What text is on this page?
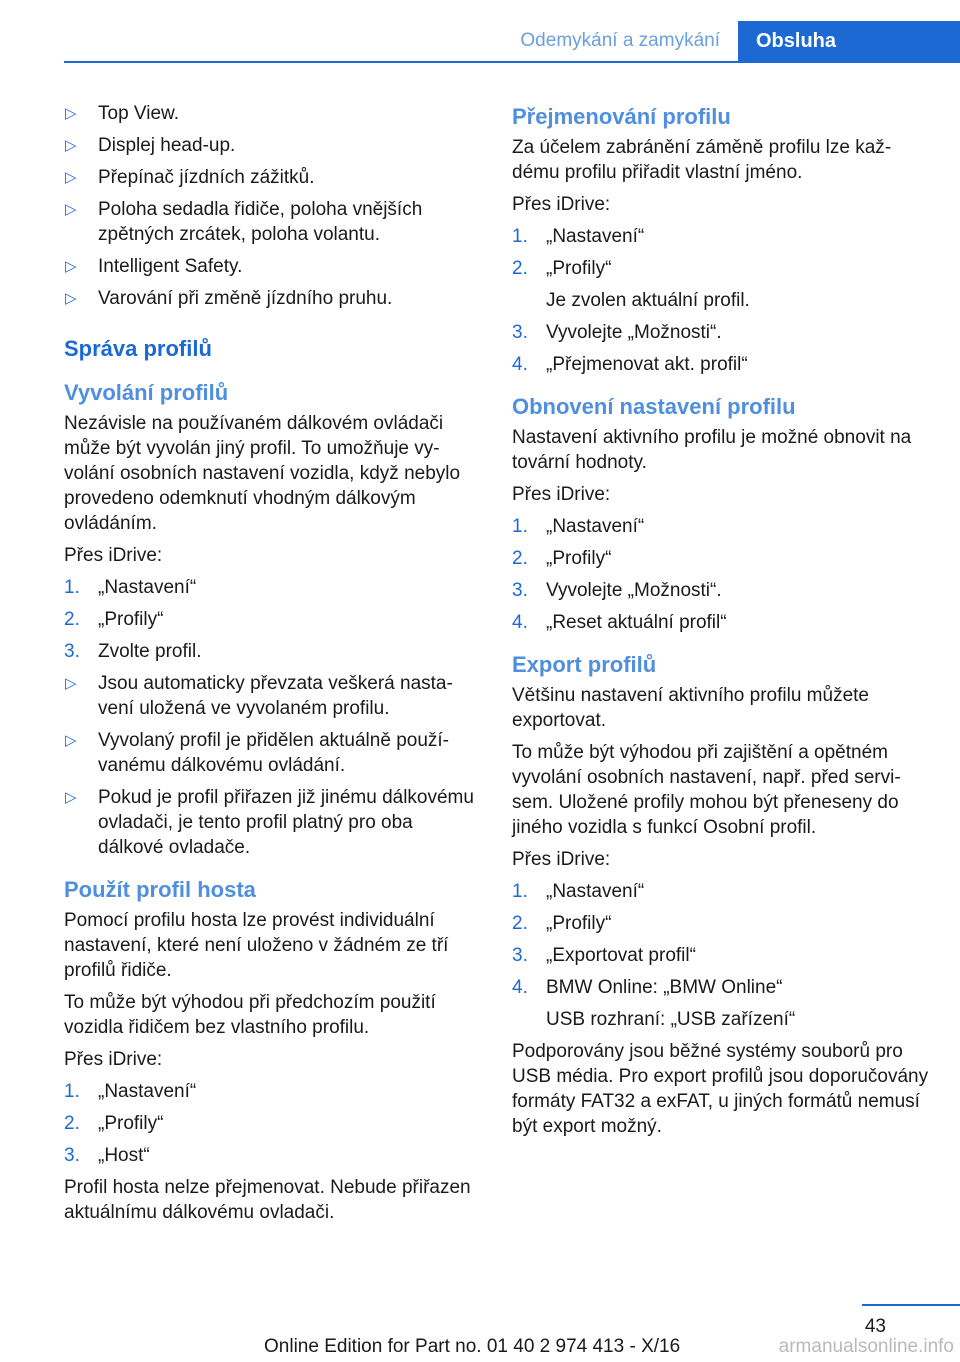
Odemykání a zamykání	Obsluha
▷ Top View.
▷ Displej head-up.
▷ Přepínač jízdních zážitků.
▷ Poloha sedadla řidiče, poloha vnějších zpětných zrcátek, poloha volantu.
▷ Intelligent Safety.
▷ Varování při změně jízdního pruhu.
Správa profilů
Vyvolání profilů

Nezávisle na používaném dálkovém ovládači může být vyvolán jiný profil. To umožňuje vyvolání osobních nastavení vozidla, když nebylo provedeno odemknutí vhodným dálkovým ovládáním.

Přes iDrive:

1. „Nastavení“
2. „Profily“
3. Zvolte profil.
▷ Jsou automaticky převzata veškerá nastavení uložená ve vyvolaném profilu.
▷ Vyvolaný profil je přidělen aktuálně používanému dálkovému ovládání.
▷ Pokud je profil přiřazen již jinému dálkovému ovladači, je tento profil platný pro oba dálkové ovladače.
Použít profil hosta

Pomocí profilu hosta lze provést individuální nastavení, které není uloženo v žádném ze tří profilů řidiče.

To může být výhodou při předchozím použití vozidla řidičem bez vlastního profilu.

Přes iDrive:

1. „Nastavení“
2. „Profily“
3. „Host“

Profil hosta nelze přejmenovat. Nebude přiřazen aktuálnímu dálkovému ovladači.

Přejmenování profilu

Za účelem zabránění záměně profilu lze každému profilu přiřadit vlastní jméno.

Přes iDrive:

1. „Nastavení“
2. „Profily“
Je zvolen aktuální profil.
3. Vyvolejte „Možnosti“.
4. „Přejmenovat akt. profil“
Obnovení nastavení profilu

Nastavení aktivního profilu je možné obnovit na tovární hodnoty.

Přes iDrive:

1. „Nastavení“
2. „Profily“
3. Vyvolejte „Možnosti“.
4. „Reset aktuální profil“
Export profilů

Většinu nastavení aktivního profilu můžete exportovat.

To může být výhodou při zajištění a opětném vyvolání osobních nastavení, např. před servisem. Uložené profily mohou být přeneseny do jiného vozidla s funkcí Osobní profil.

Přes iDrive:

1. „Nastavení“
2. „Profily“
3. „Exportovat profil“
4. BMW Online: „BMW Online“
USB rozhraní: „USB zařízení“

Podporovány jsou běžné systémy souborů pro USB média. Pro export profilů jsou doporučovány formáty FAT32 a exFAT, u jiných formátů nemusí být export možný.

43
Online Edition for Part no. 01 40 2 974 413 - X/16	armanualsonline.info
